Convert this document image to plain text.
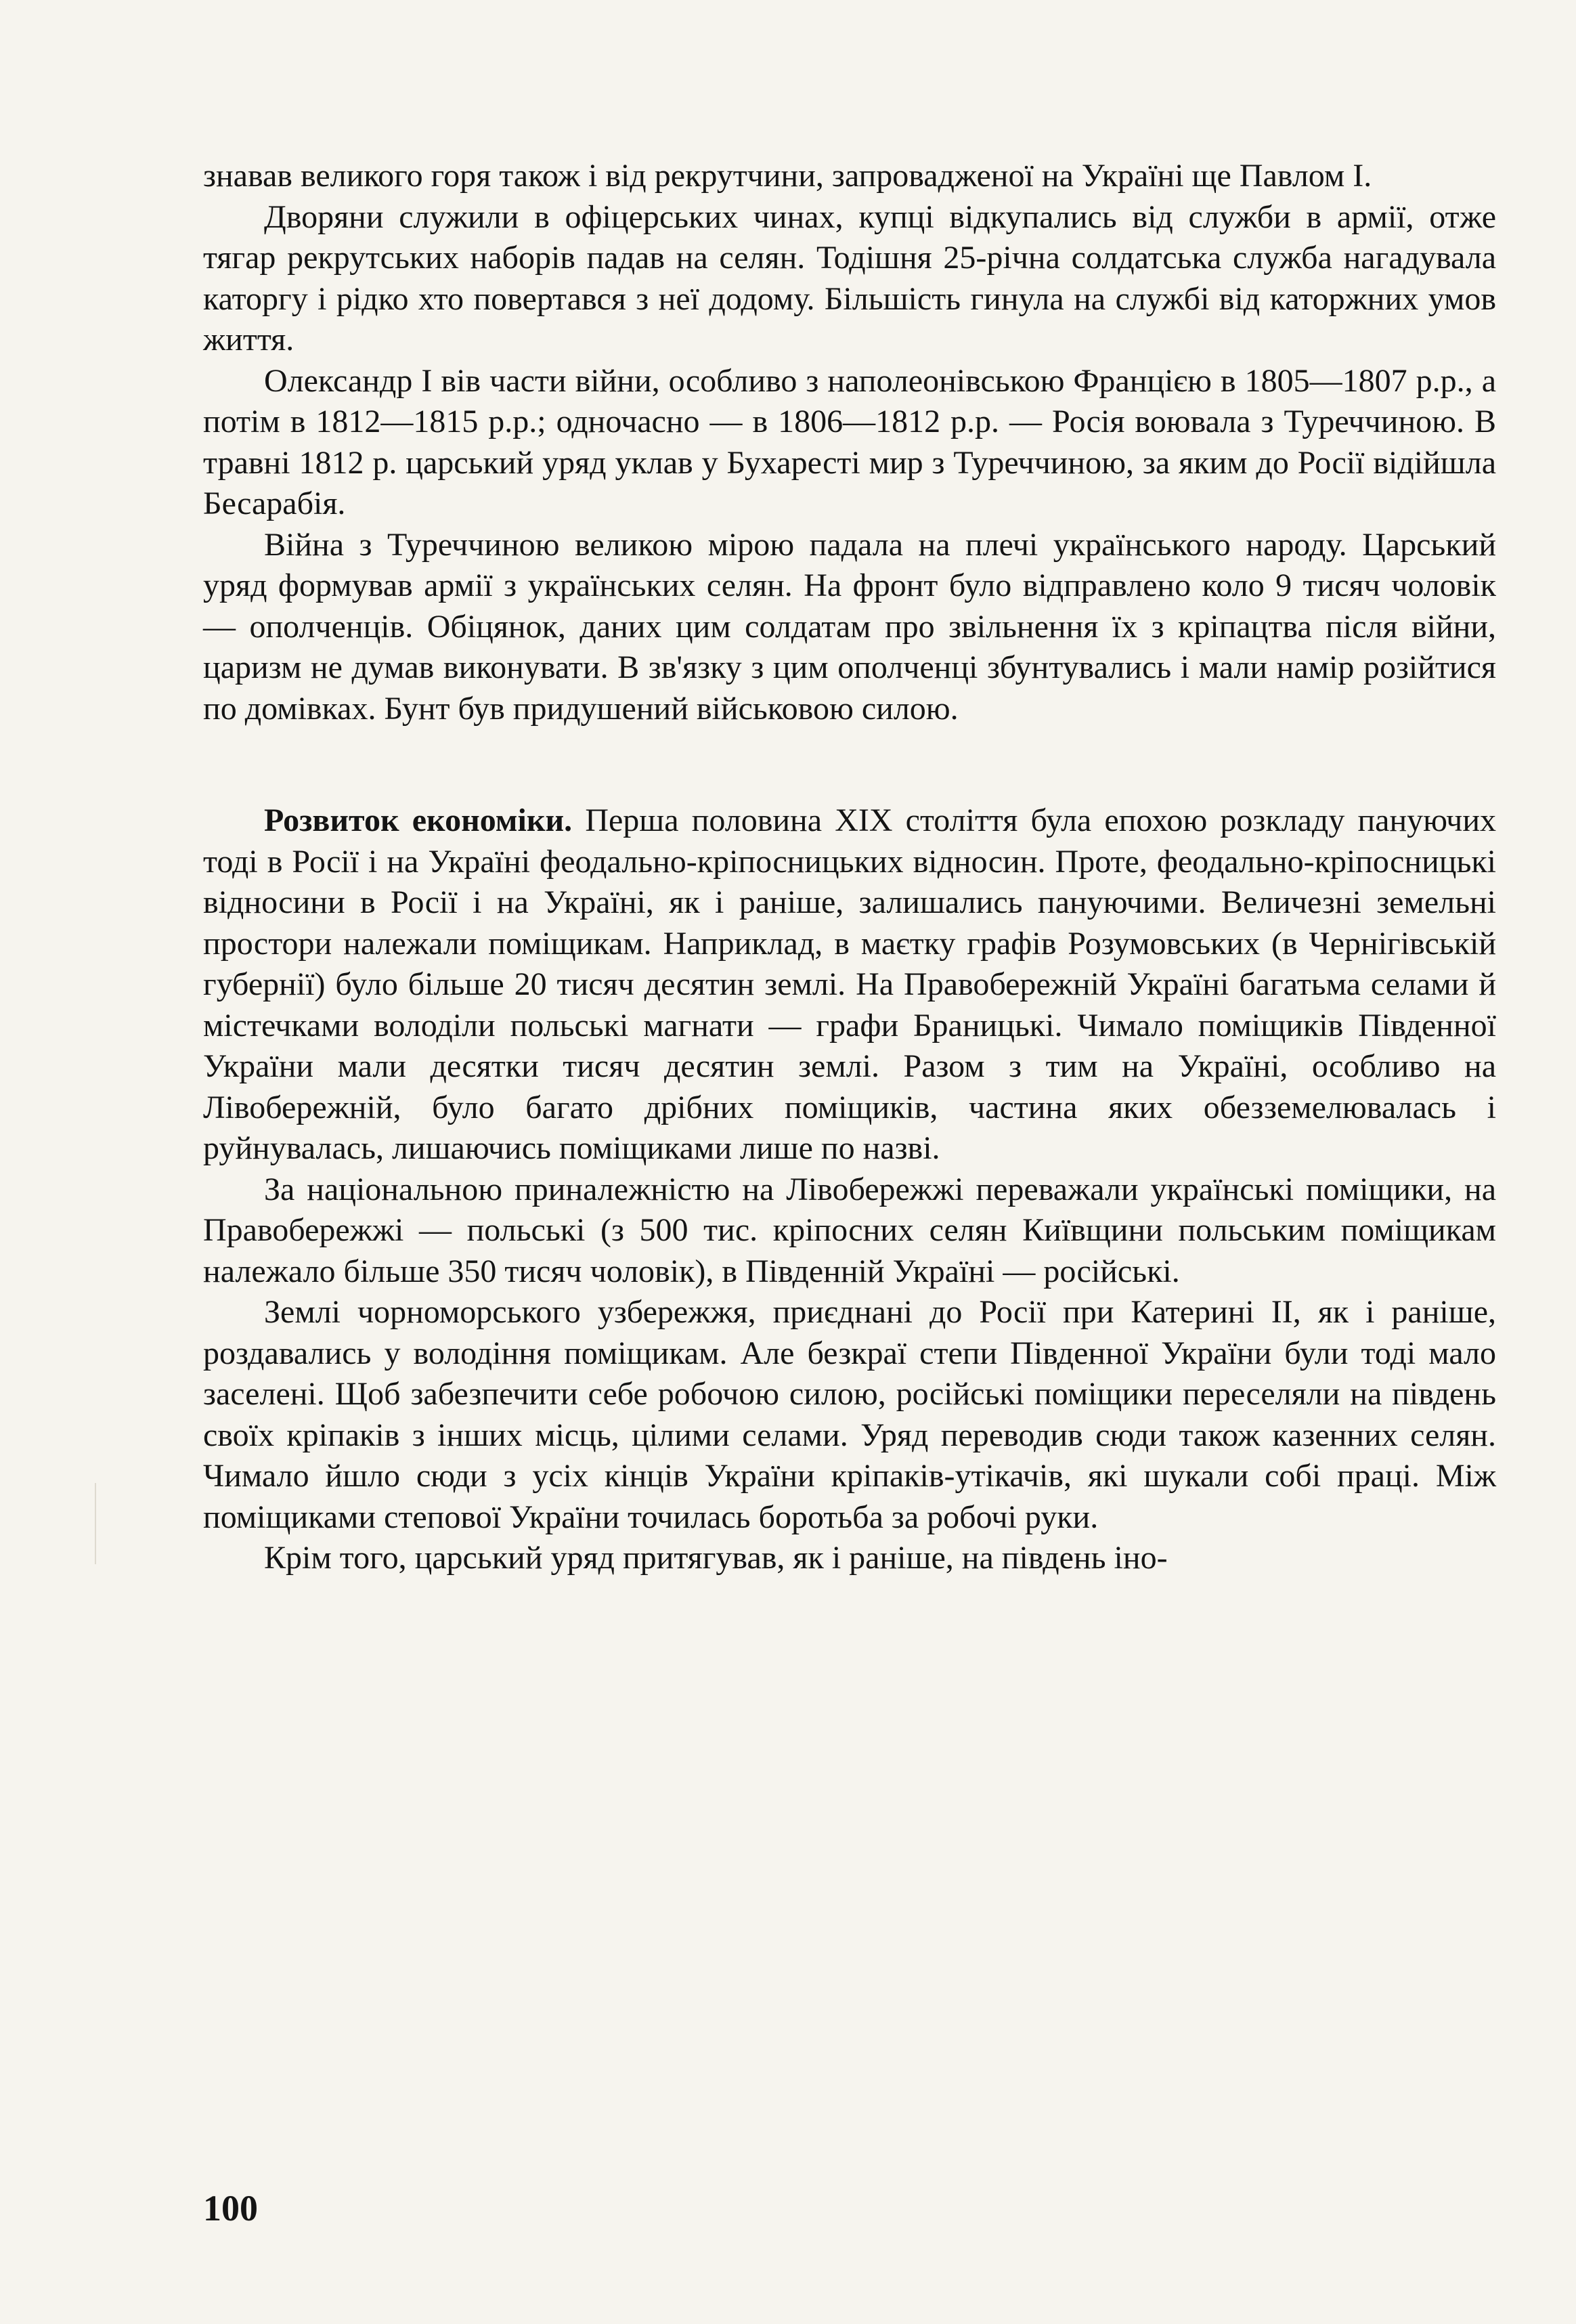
знавав великого горя також і від рекрутчини, запровадженої на Україні ще Павлом І.

Дворяни служили в офіцерських чинах, купці відкупались від служби в армії, отже тягар рекрутських наборів падав на селян. Тодішня 25-річна солдатська служба нагадувала каторгу і рідко хто повертався з неї додому. Більшість гинула на службі від каторжних умов життя.

Олександр І вів части війни, особливо з наполеонівською Францією в 1805—1807 р.р., а потім в 1812—1815 р.р.; одночасно — в 1806—1812 р.р. — Росія воювала з Туреччиною. В травні 1812 р. царський уряд уклав у Бухаресті мир з Туреччиною, за яким до Росії відійшла Бесарабія.

Війна з Туреччиною великою мірою падала на плечі українського народу. Царський уряд формував армії з українських селян. На фронт було відправлено коло 9 тисяч чоловік — ополченців. Обіцянок, даних цим солдатам про звільнення їх з кріпацтва після війни, царизм не думав виконувати. В зв'язку з цим ополченці збунтувались і мали намір розійтися по домівках. Бунт був придушений військовою силою.

Розвиток економіки. Перша половина XIX століття була епохою розкладу пануючих тоді в Росії і на Україні феодально-кріпосницьких відносин. Проте, феодально-кріпосницькі відносини в Росії і на Україні, як і раніше, залишались пануючими. Величезні земельні простори належали поміщикам. Наприклад, в маєтку графів Розумовських (в Чернігівській губернії) було більше 20 тисяч десятин землі. На Правобережній Україні багатьма селами й містечками володіли польські магнати — графи Браницькі. Чимало поміщиків Південної України мали десятки тисяч десятин землі. Разом з тим на Україні, особливо на Лівобережній, було багато дрібних поміщиків, частина яких обезземелювалась і руйнувалась, лишаючись поміщиками лише по назві.

За національною приналежністю на Лівобережжі переважали українські поміщики, на Правобережжі — польські (з 500 тис. кріпосних селян Київщини польським поміщикам належало більше 350 тисяч чоловік), в Південній Україні — російські.

Землі чорноморського узбережжя, приєднані до Росії при Катерині II, як і раніше, роздавались у володіння поміщикам. Але безкраї степи Південної України були тоді мало заселені. Щоб забезпечити себе робочою силою, російські поміщики переселяли на південь своїх кріпаків з інших місць, цілими селами. Уряд переводив сюди також казенних селян. Чимало йшло сюди з усіх кінців України кріпаків-утікачів, які шукали собі праці. Між поміщиками степової України точилась боротьба за робочі руки.

Крім того, царський уряд притягував, як і раніше, на південь іно-

100
